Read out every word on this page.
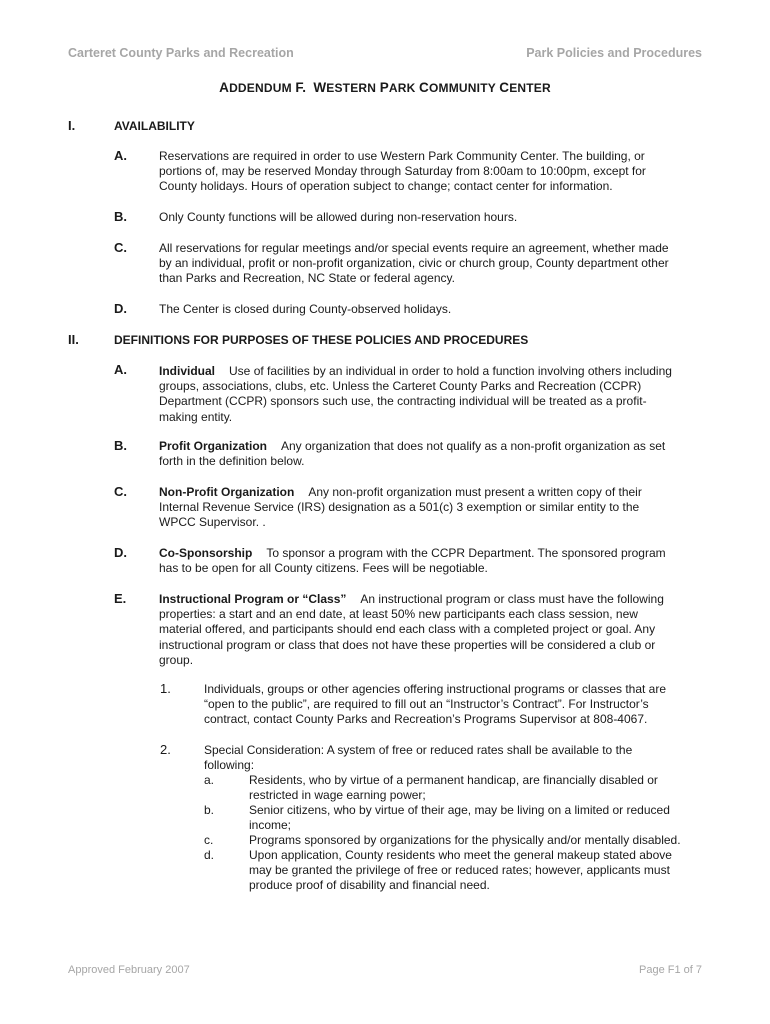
Carteret County Parks and Recreation	Park Policies and Procedures
ADDENDUM F. WESTERN PARK COMMUNITY CENTER
I.	AVAILABILITY
A.	Reservations are required in order to use Western Park Community Center. The building, or
portions of, may be reserved Monday through Saturday from 8:00am to 10:00pm, except for
County holidays. Hours of operation subject to change; contact center for information.
B.	Only County functions will be allowed during non-reservation hours.
C.	All reservations for regular meetings and/or special events require an agreement, whether made
by an individual, profit or non-profit organization, civic or church group, County department other
than Parks and Recreation, NC State or federal agency.
D.	The Center is closed during County-observed holidays.
II.	DEFINITIONS FOR PURPOSES OF THESE POLICIES AND PROCEDURES
A.	Individual Use of facilities by an individual in order to hold a function involving others including
groups, associations, clubs, etc. Unless the Carteret County Parks and Recreation (CCPR)
Department (CCPR) sponsors such use, the contracting individual will be treated as a profit-
making entity.
B.	Profit Organization Any organization that does not qualify as a non-profit organization as set
forth in the definition below.
C.	Non-Profit Organization Any non-profit organization must present a written copy of their
Internal Revenue Service (IRS) designation as a 501(c) 3 exemption or similar entity to the
WPCC Supervisor. .
D.	Co-Sponsorship To sponsor a program with the CCPR Department. The sponsored program
has to be open for all County citizens. Fees will be negotiable.
E.	Instructional Program or “Class” An instructional program or class must have the following
properties: a start and an end date, at least 50% new participants each class session, new
material offered, and participants should end each class with a completed project or goal. Any
instructional program or class that does not have these properties will be considered a club or
group.
1.	Individuals, groups or other agencies offering instructional programs or classes that are
“open to the public”, are required to fill out an “Instructor’s Contract”. For Instructor’s
contract, contact County Parks and Recreation’s Programs Supervisor at 808-4067.
2.	Special Consideration: A system of free or reduced rates shall be available to the
following:
a.	Residents, who by virtue of a permanent handicap, are financially disabled or
restricted in wage earning power;
b.	Senior citizens, who by virtue of their age, may be living on a limited or reduced
income;
c.	Programs sponsored by organizations for the physically and/or mentally disabled.
d.	Upon application, County residents who meet the general makeup stated above
may be granted the privilege of free or reduced rates; however, applicants must
produce proof of disability and financial need.
Approved February 2007	Page F1 of 7
